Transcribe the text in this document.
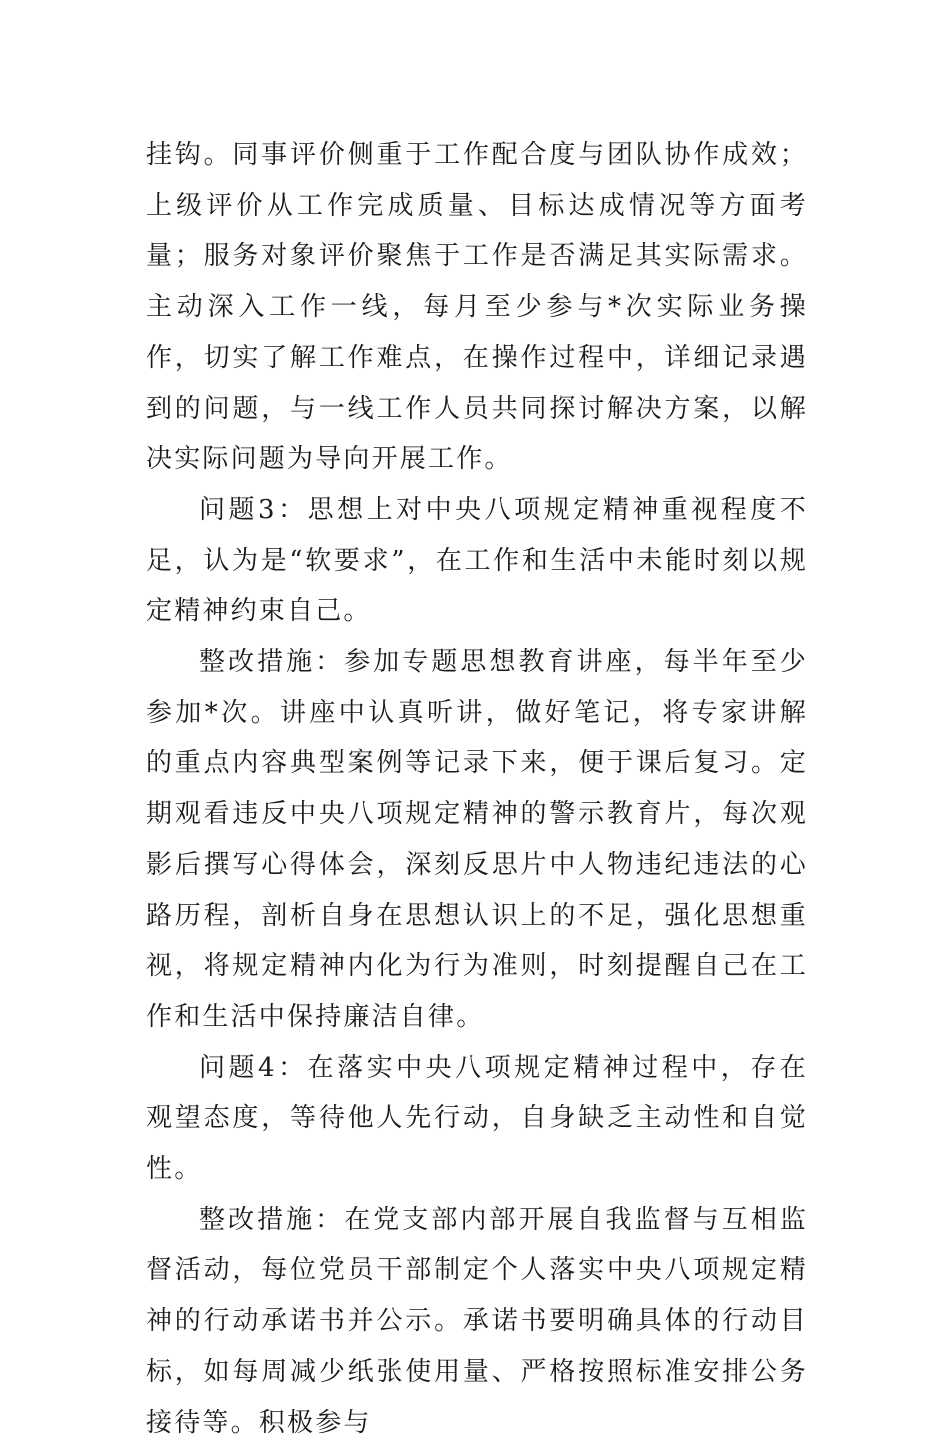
挂钩。同事评价侧重于工作配合度与团队协作成效；上级评价从工作完成质量、目标达成情况等方面考量；服务对象评价聚焦于工作是否满足其实际需求。主动深入工作一线，每月至少参与*次实际业务操作，切实了解工作难点，在操作过程中，详细记录遇到的问题，与一线工作人员共同探讨解决方案，以解决实际问题为导向开展工作。

问题3：思想上对中央八项规定精神重视程度不足，认为是“软要求”，在工作和生活中未能时刻以规定精神约束自己。

整改措施：参加专题思想教育讲座，每半年至少参加*次。讲座中认真听讲，做好笔记，将专家讲解的重点内容典型案例等记录下来，便于课后复习。定期观看违反中央八项规定精神的警示教育片，每次观影后撰写心得体会，深刻反思片中人物违纪违法的心路历程，剖析自身在思想认识上的不足，强化思想重视，将规定精神内化为行为准则，时刻提醒自己在工作和生活中保持廉洁自律。

问题4：在落实中央八项规定精神过程中，存在观望态度，等待他人先行动，自身缺乏主动性和自觉性。

整改措施：在党支部内部开展自我监督与互相监督活动，每位党员干部制定个人落实中央八项规定精神的行动承诺书并公示。承诺书要明确具体的行动目标，如每周减少纸张使用量、严格按照标准安排公务接待等。积极参与
